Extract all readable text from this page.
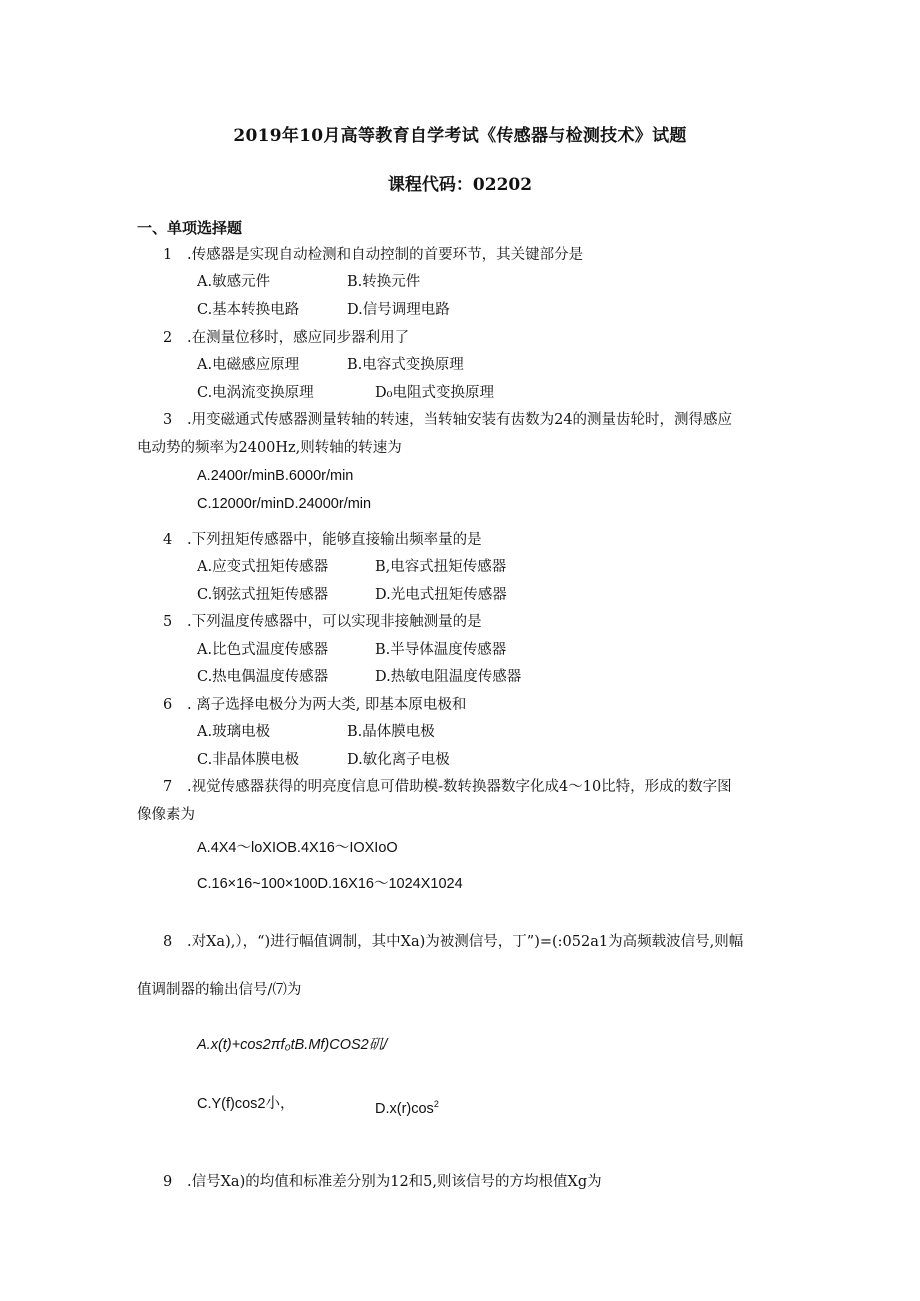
2019年10月高等教育自学考试《传感器与检测技术》试题
课程代码：02202
一、单项选择题
1 .传感器是实现自动检测和自动控制的首要环节，其关键部分是
A.敏感元件	B.转换元件
C.基本转换电路	D.信号调理电路
2 .在测量位移时，感应同步器利用了
A.电磁感应原理	B.电容式变换原理
C.电涡流变换原理	D₀电阻式变换原理
3 .用变磁通式传感器测量转轴的转速，当转轴安装有齿数为24的测量齿轮时，测得感应
电动势的频率为2400Hz,则转轴的转速为
A.2400r/minB.6000r/min
C.12000r/minD.24000r/min
4 .下列扭矩传感器中，能够直接输出频率量的是
A.应变式扭矩传感器	B,电容式扭矩传感器
C.钢弦式扭矩传感器	D.光电式扭矩传感器
5 .下列温度传感器中，可以实现非接触测量的是
A.比色式温度传感器	B.半导体温度传感器
C.热电偶温度传感器	D.热敏电阻温度传感器
6 . 离子选择电极分为两大类, 即基本原电极和
A.玻璃电极	B.晶体膜电极
C.非晶体膜电极	D.敏化离子电极
7 .视觉传感器获得的明亮度信息可借助模-数转换器数字化成4～10比特，形成的数字图
像像素为
A.4X4～loXIOB.4X16～IOXIoO
C.16×16~100×100D.16X16～1024X1024
8 .对Xa),），“)进行幅值调制，其中Xa)为被测信号，丁”)=(:052a1为高频载波信号,则幅
值调制器的输出信号/⑺为
A.x(t)+cos2πf₀tB.Mf)COS2矶/
C.Y(f)cos2小，	$D.x(r)\cos^2$
9 .信号Xa)的均值和标准差分别为12和5,则该信号的方均根值Xg为
